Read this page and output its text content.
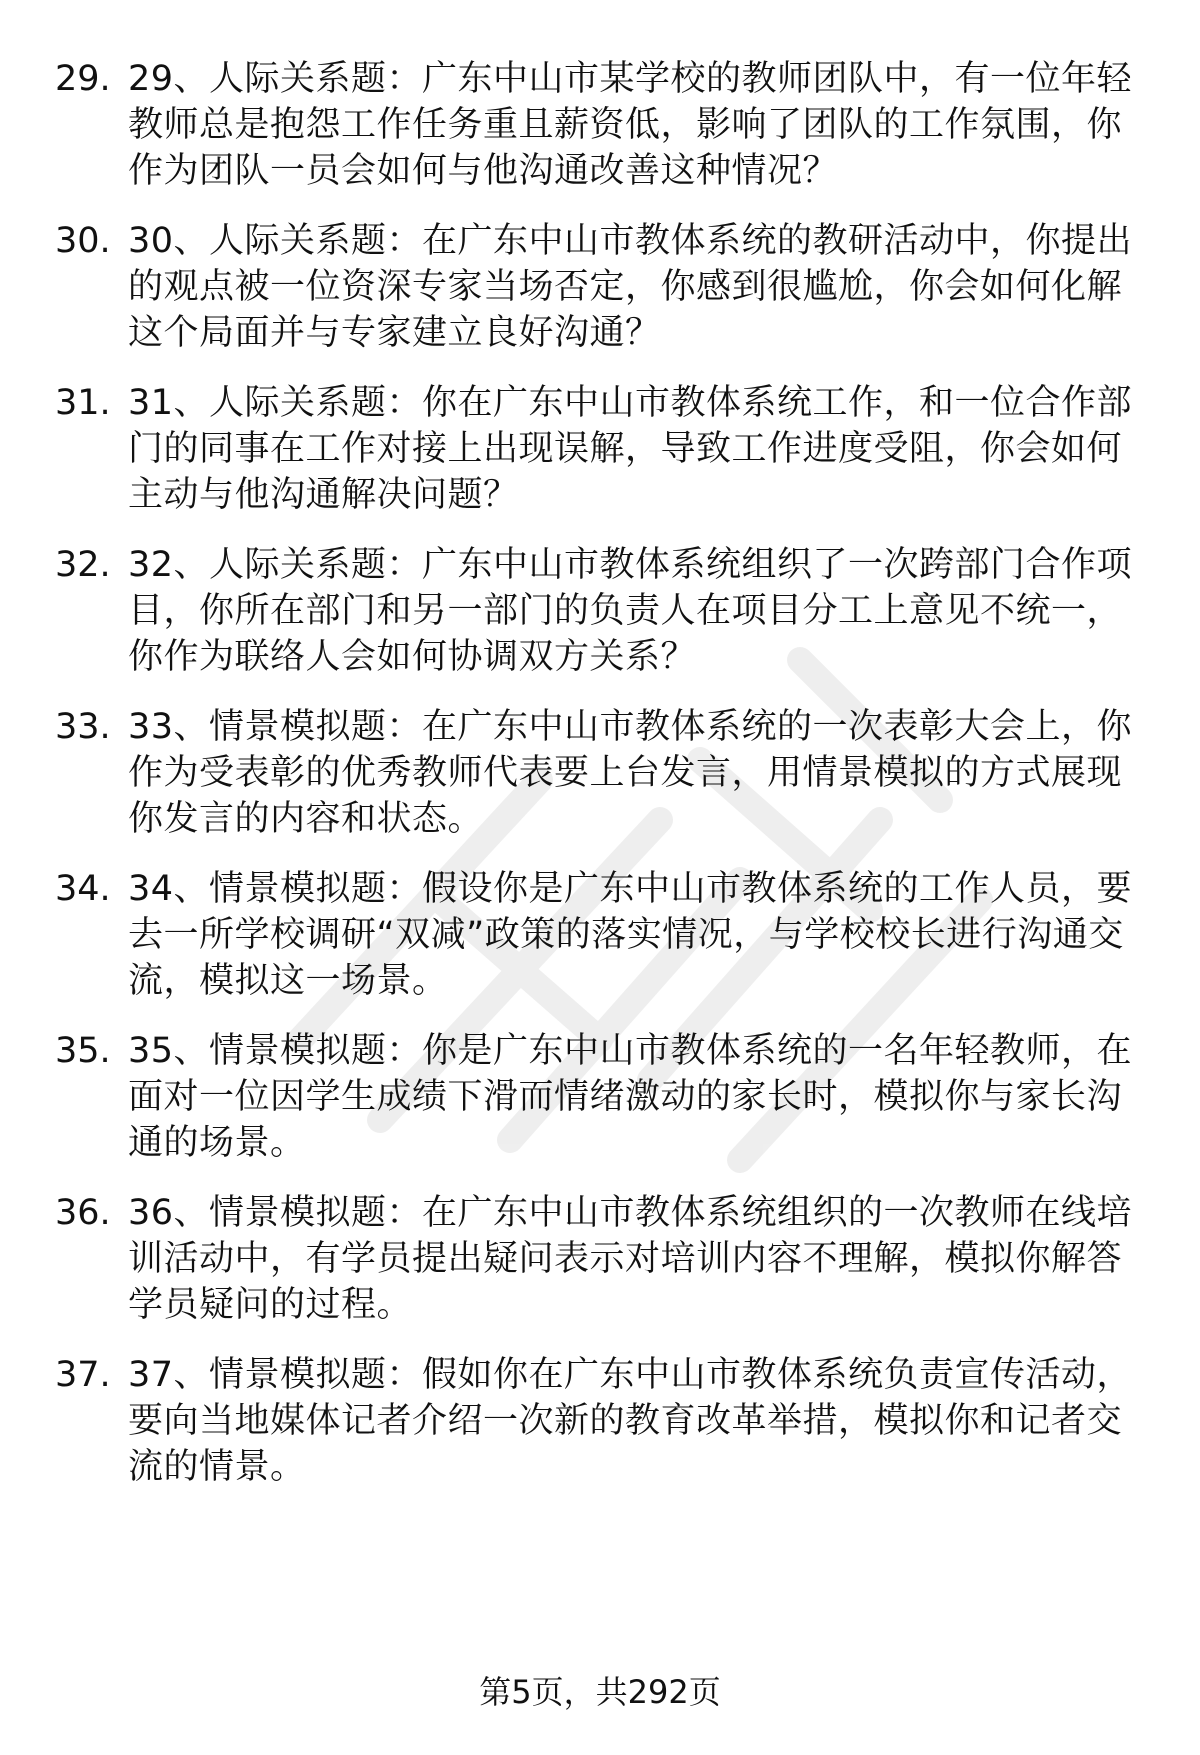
29. 29、人际关系题：广东中山市某学校的教师团队中，有一位年轻教师总是抱怨工作任务重且薪资低，影响了团队的工作氛围，你作为团队一员会如何与他沟通改善这种情况？
30. 30、人际关系题：在广东中山市教体系统的教研活动中，你提出的观点被一位资深专家当场否定，你感到很尴尬，你会如何化解这个局面并与专家建立良好沟通？
31. 31、人际关系题：你在广东中山市教体系统工作，和一位合作部门的同事在工作对接上出现误解，导致工作进度受阻，你会如何主动与他沟通解决问题？
32. 32、人际关系题：广东中山市教体系统组织了一次跨部门合作项目，你所在部门和另一部门的负责人在项目分工上意见不统一，你作为联络人会如何协调双方关系？
33. 33、情景模拟题：在广东中山市教体系统的一次表彰大会上，你作为受表彰的优秀教师代表要上台发言，用情景模拟的方式展现你发言的内容和状态。
34. 34、情景模拟题：假设你是广东中山市教体系统的工作人员，要去一所学校调研“双减”政策的落实情况，与学校校长进行沟通交流，模拟这一场景。
35. 35、情景模拟题：你是广东中山市教体系统的一名年轻教师，在面对一位因学生成绩下滑而情绪激动的家长时，模拟你与家长沟通的场景。
36. 36、情景模拟题：在广东中山市教体系统组织的一次教师在线培训活动中，有学员提出疑问表示对培训内容不理解，模拟你解答学员疑问的过程。
37. 37、情景模拟题：假如你在广东中山市教体系统负责宣传活动，要向当地媒体记者介绍一次新的教育改革举措，模拟你和记者交流的情景。
第5页，共292页
